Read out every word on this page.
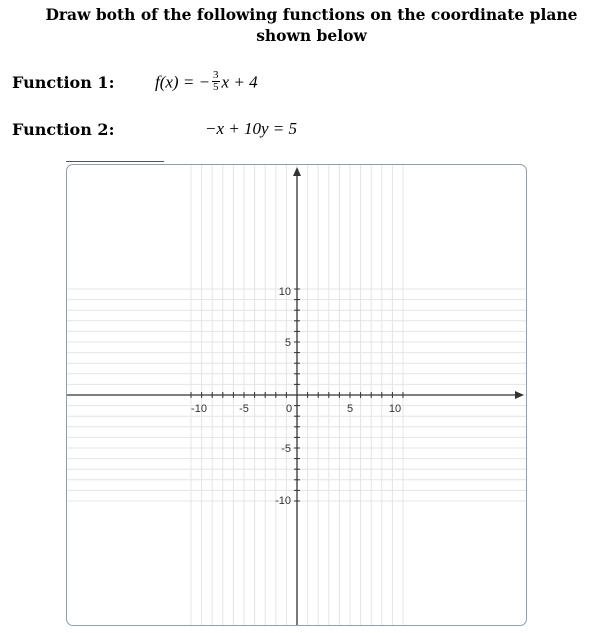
Draw both of the following functions on the coordinate plane
shown below
Function 1: f(x) = − $\frac{3}{5}$ x + 4
Function 2:	−x + 10y = 5
-10	-5	0	5	10
10
5
-5
-10
